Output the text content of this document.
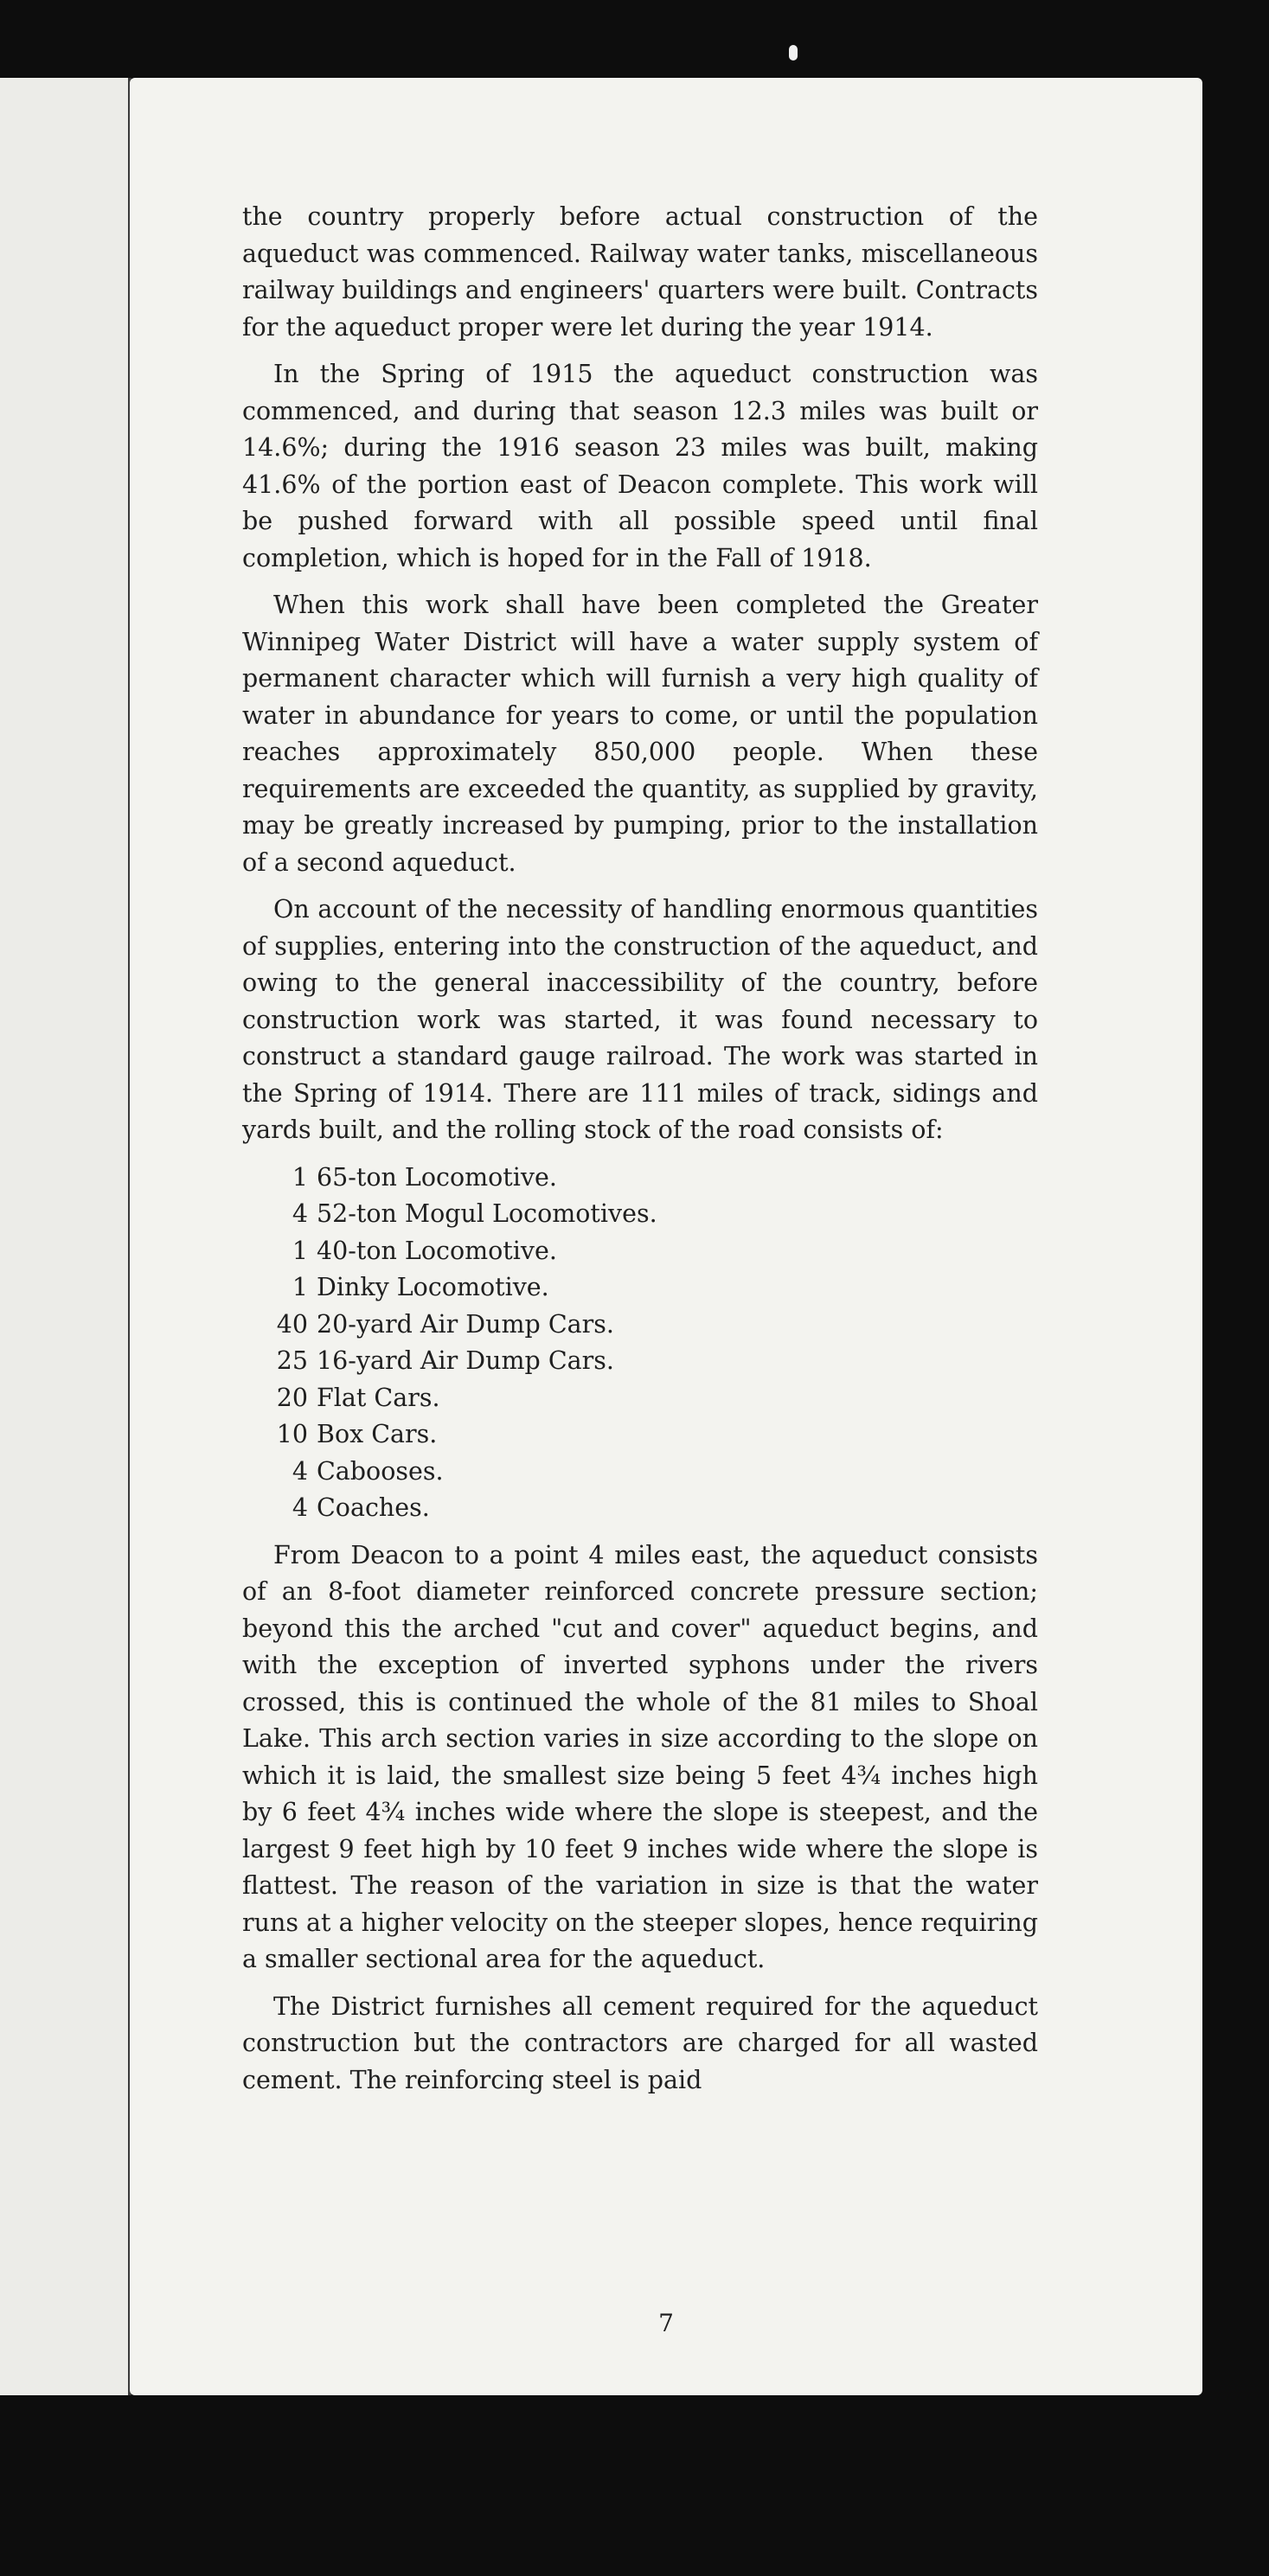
the country properly before actual construction of the aqueduct was commenced. Railway water tanks, miscellaneous railway buildings and engineers' quarters were built. Contracts for the aqueduct proper were let during the year 1914.

In the Spring of 1915 the aqueduct construction was commenced, and during that season 12.3 miles was built or 14.6%; during the 1916 season 23 miles was built, making 41.6% of the portion east of Deacon complete. This work will be pushed forward with all possible speed until final completion, which is hoped for in the Fall of 1918.

When this work shall have been completed the Greater Winnipeg Water District will have a water supply system of permanent character which will furnish a very high quality of water in abundance for years to come, or until the population reaches approximately 850,000 people. When these requirements are exceeded the quantity, as supplied by gravity, may be greatly increased by pumping, prior to the installation of a second aqueduct.

On account of the necessity of handling enormous quantities of supplies, entering into the construction of the aqueduct, and owing to the general inaccessibility of the country, before construction work was started, it was found necessary to construct a standard gauge railroad. The work was started in the Spring of 1914. There are 111 miles of track, sidings and yards built, and the rolling stock of the road consists of:

1 65-ton Locomotive.
4 52-ton Mogul Locomotives.
1 40-ton Locomotive.
1 Dinky Locomotive.
40 20-yard Air Dump Cars.
25 16-yard Air Dump Cars.
20 Flat Cars.
10 Box Cars.
4 Cabooses.
4 Coaches.

From Deacon to a point 4 miles east, the aqueduct consists of an 8-foot diameter reinforced concrete pressure section; beyond this the arched "cut and cover" aqueduct begins, and with the exception of inverted syphons under the rivers crossed, this is continued the whole of the 81 miles to Shoal Lake. This arch section varies in size according to the slope on which it is laid, the smallest size being 5 feet 4¾ inches high by 6 feet 4¾ inches wide where the slope is steepest, and the largest 9 feet high by 10 feet 9 inches wide where the slope is flattest. The reason of the variation in size is that the water runs at a higher velocity on the steeper slopes, hence requiring a smaller sectional area for the aqueduct.

The District furnishes all cement required for the aqueduct construction but the contractors are charged for all wasted cement. The reinforcing steel is paid

7
